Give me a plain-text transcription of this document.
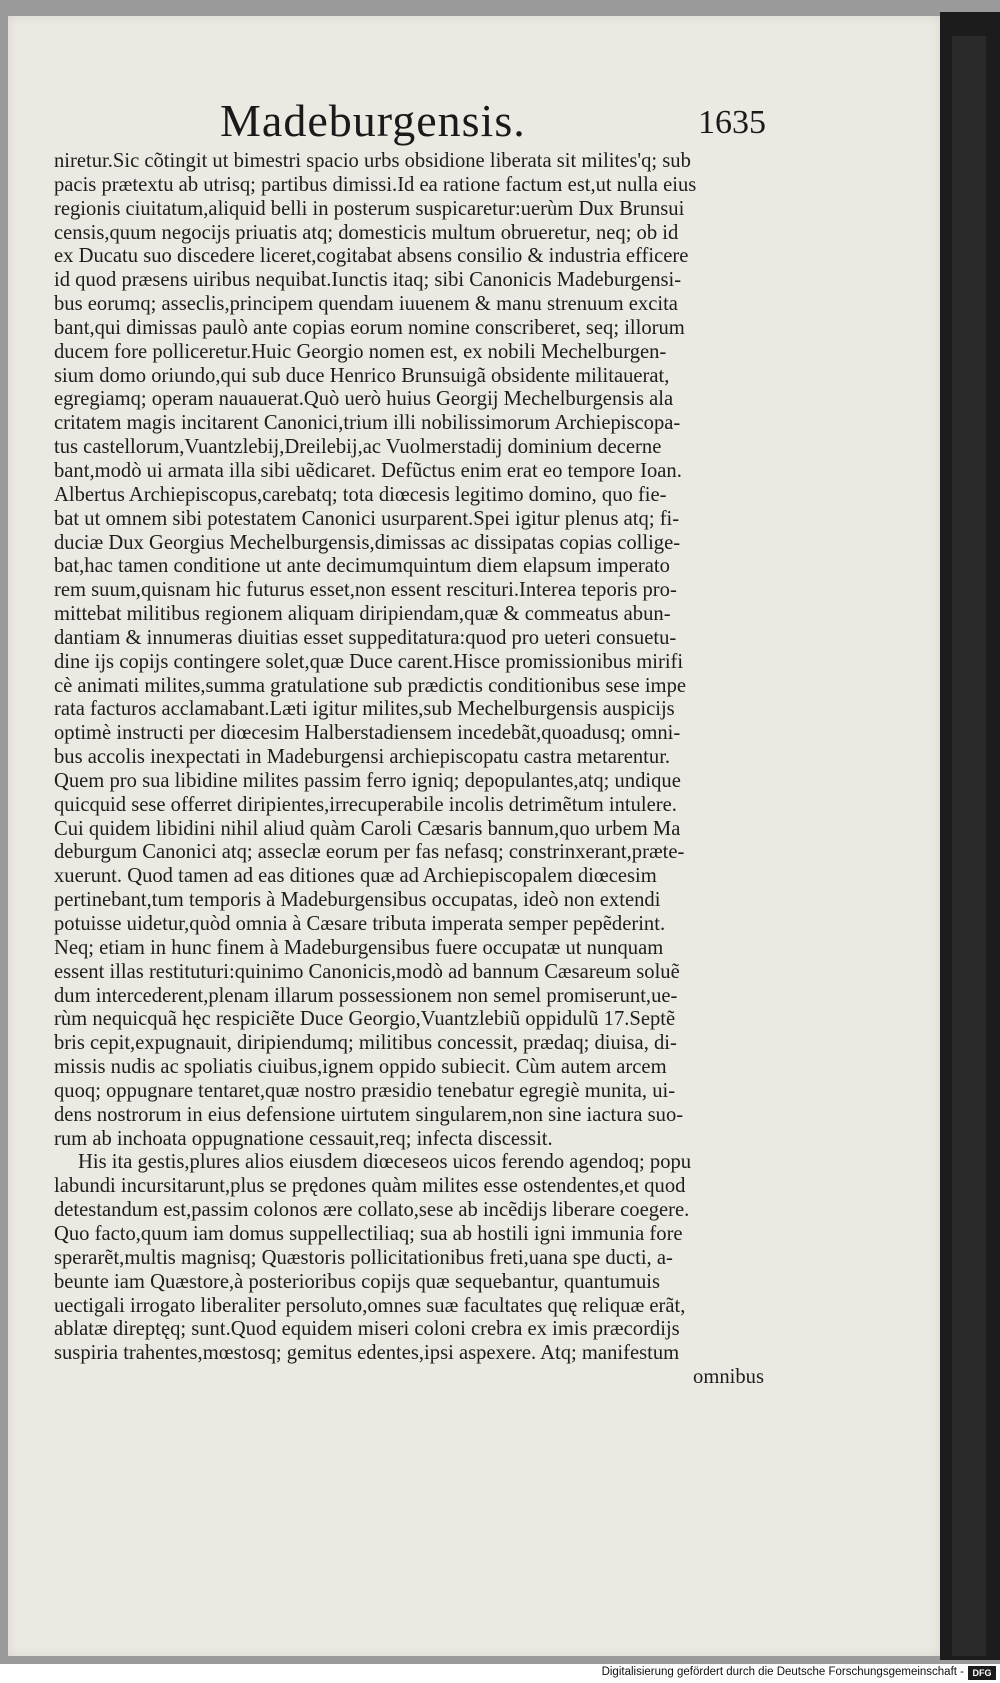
Madeburgensis.	1635
niretur.Sic cõtingit ut bimestri spacio urbs obsidione liberata sit milites'q; sub
pacis prætextu ab utrisq; partibus dimissi.Id ea ratione factum est,ut nulla eius
regionis ciuitatum,aliquid belli in posterum suspicaretur:uerùm Dux Brunsui
censis,quum negocijs priuatis atq; domesticis multum obrueretur, neq; ob id
ex Ducatu suo discedere liceret,cogitabat absens consilio & industria efficere
id quod præsens uiribus nequibat.Iunctis itaq; sibi Canonicis Madeburgensi-
bus eorumq; asseclis,principem quendam iuuenem & manu strenuum excita
bant,qui dimissas paulò ante copias eorum nomine conscriberet, seq; illorum
ducem fore polliceretur.Huic Georgio nomen est, ex nobili Mechelburgen-
sium domo oriundo,qui sub duce Henrico Brunsuigã obsidente militauerat,
egregiamq; operam nauauerat.Quò uerò huius Georgij Mechelburgensis ala
critatem magis incitarent Canonici,trium illi nobilissimorum Archiepiscopa-
tus castellorum,Vuantzlebij,Dreilebij,ac Vuolmerstadij dominium decerne
bant,modò ui armata illa sibi uẽdicaret. Defũctus enim erat eo tempore Ioan.
Albertus Archiepiscopus,carebatq; tota diœcesis legitimo domino, quo fie-
bat ut omnem sibi potestatem Canonici usurparent.Spei igitur plenus atq; fi-
duciæ Dux Georgius Mechelburgensis,dimissas ac dissipatas copias collige-
bat,hac tamen conditione ut ante decimumquintum diem elapsum imperato
rem suum,quisnam hic futurus esset,non essent rescituri.Interea teporis pro-
mittebat militibus regionem aliquam diripiendam,quæ & commeatus abun-
dantiam & innumeras diuitias esset suppeditatura:quod pro ueteri consuetu-
dine ijs copijs contingere solet,quæ Duce carent.Hisce promissionibus mirifi
cè animati milites,summa gratulatione sub prædictis conditionibus sese impe
rata facturos acclamabant.Læti igitur milites,sub Mechelburgensis auspicijs
optimè instructi per diœcesim Halberstadiensem incedebãt,quoadusq; omni-
bus accolis inexpectati in Madeburgensi archiepiscopatu castra metarentur.
Quem pro sua libidine milites passim ferro igniq; depopulantes,atq; undique
quicquid sese offerret diripientes,irrecuperabile incolis detrimẽtum intulere.
Cui quidem libidini nihil aliud quàm Caroli Cæsaris bannum,quo urbem Ma
deburgum Canonici atq; asseclæ eorum per fas nefasq; constrinxerant,præte-
xuerunt. Quod tamen ad eas ditiones quæ ad Archiepiscopalem diœcesim
pertinebant,tum temporis à Madeburgensibus occupatas, ideò non extendi
potuisse uidetur,quòd omnia à Cæsare tributa imperata semper pepẽderint.
Neq; etiam in hunc finem à Madeburgensibus fuere occupatæ ut nunquam
essent illas restituturi:quinimo Canonicis,modò ad bannum Cæsareum soluẽ
dum intercederent,plenam illarum possessionem non semel promiserunt,ue-
rùm nequicquã hęc respiciẽte Duce Georgio,Vuantzlebiũ oppidulũ 17.Septẽ
bris cepit,expugnauit, diripiendumq; militibus concessit, prædaq; diuisa, di-
missis nudis ac spoliatis ciuibus,ignem oppido subiecit. Cùm autem arcem
quoq; oppugnare tentaret,quæ nostro præsidio tenebatur egregiè munita, ui-
dens nostrorum in eius defensione uirtutem singularem,non sine iactura suo-
rum ab inchoata oppugnatione cessauit,req; infecta discessit.
His ita gestis,plures alios eiusdem diœceseos uicos ferendo agendoq; popu
labundi incursitarunt,plus se prędones quàm milites esse ostendentes,et quod
detestandum est,passim colonos ære collato,sese ab incẽdijs liberare coegere.
Quo facto,quum iam domus suppellectiliaq; sua ab hostili igni immunia fore
sperarẽt,multis magnisq; Quæstoris pollicitationibus freti,uana spe ducti, a-
beunte iam Quæstore,à posterioribus copijs quæ sequebantur, quantumuis
uectigali irrogato liberaliter persoluto,omnes suæ facultates quę reliquæ erãt,
ablatæ direptęq; sunt.Quod equidem miseri coloni crebra ex imis præcordijs
suspiria trahentes,mœstosq; gemitus edentes,ipsi aspexere. Atq; manifestum
omnibus
Digitalisierung gefördert durch die Deutsche Forschungsgemeinschaft - DFG
